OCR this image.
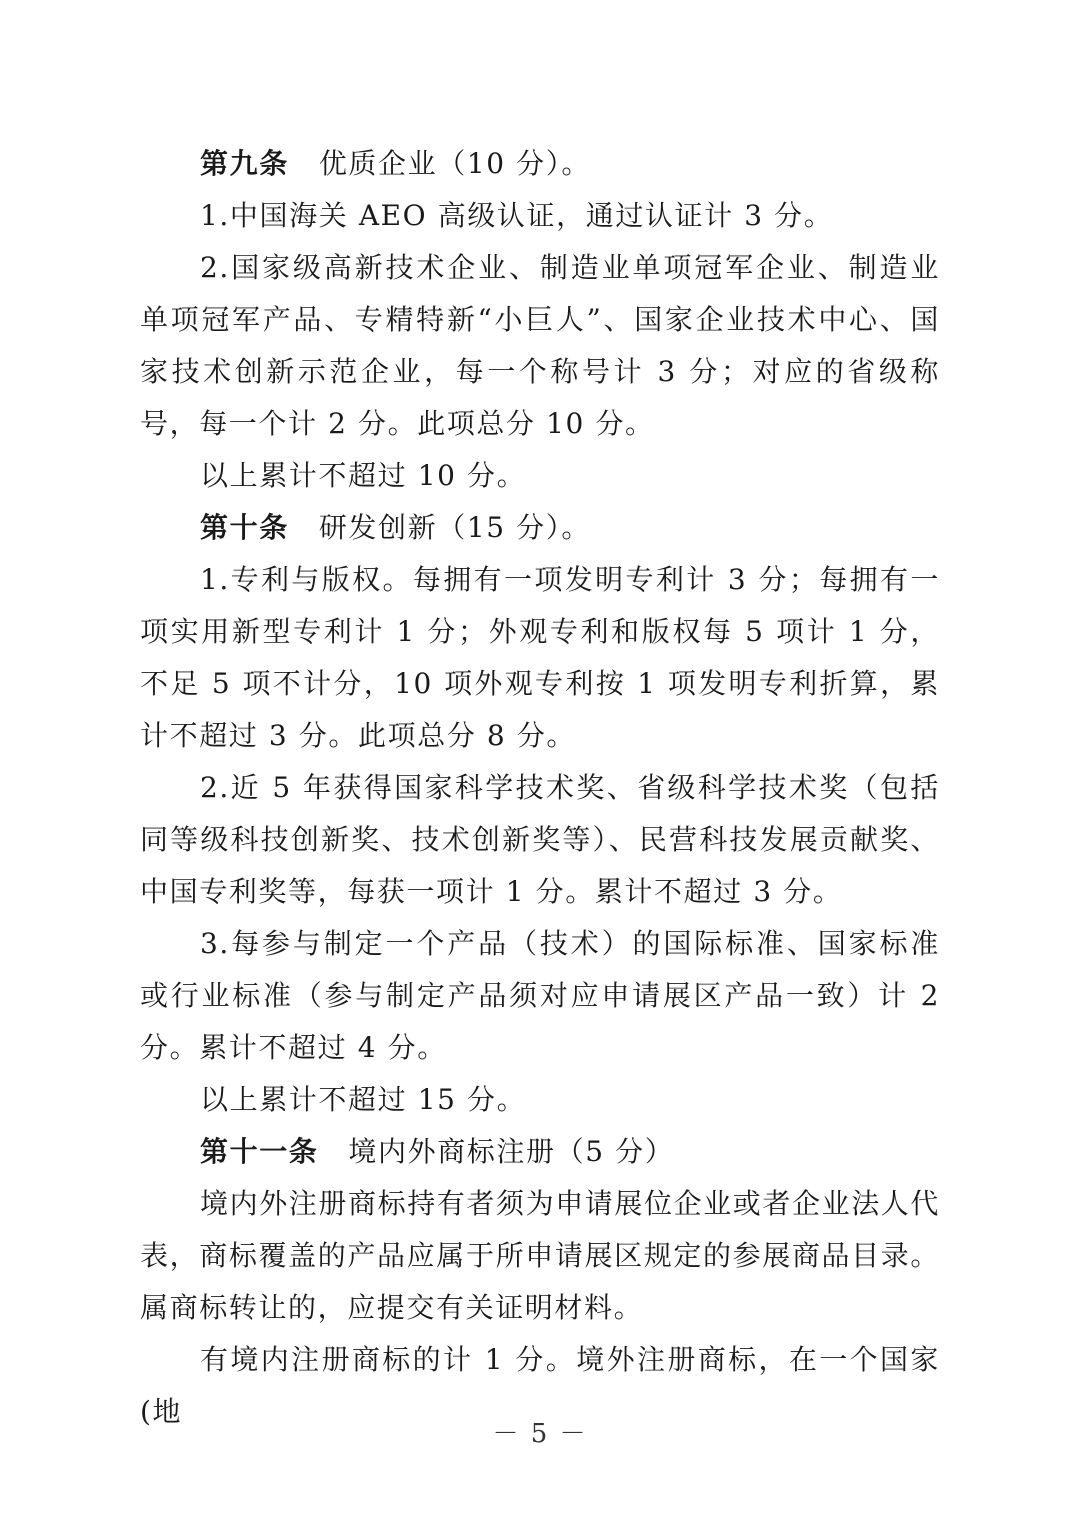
第九条 优质企业（10 分）。

1.中国海关 AEO 高级认证，通过认证计 3 分。

2.国家级高新技术企业、制造业单项冠军企业、制造业单项冠军产品、专精特新“小巨人”、国家企业技术中心、国家技术创新示范企业，每一个称号计 3 分；对应的省级称号，每一个计 2 分。此项总分 10 分。

以上累计不超过 10 分。

第十条 研发创新（15 分）。

1.专利与版权。每拥有一项发明专利计 3 分；每拥有一项实用新型专利计 1 分；外观专利和版权每 5 项计 1 分，不足 5 项不计分，10 项外观专利按 1 项发明专利折算，累计不超过 3 分。此项总分 8 分。

2.近 5 年获得国家科学技术奖、省级科学技术奖（包括同等级科技创新奖、技术创新奖等）、民营科技发展贡献奖、中国专利奖等，每获一项计 1 分。累计不超过 3 分。

3.每参与制定一个产品（技术）的国际标准、国家标准或行业标准（参与制定产品须对应申请展区产品一致）计 2 分。累计不超过 4 分。

以上累计不超过 15 分。

第十一条 境内外商标注册（5 分）

境内外注册商标持有者须为申请展位企业或者企业法人代表，商标覆盖的产品应属于所申请展区规定的参展商品目录。属商标转让的，应提交有关证明材料。

有境内注册商标的计 1 分。境外注册商标，在一个国家(地

－ 5 －
